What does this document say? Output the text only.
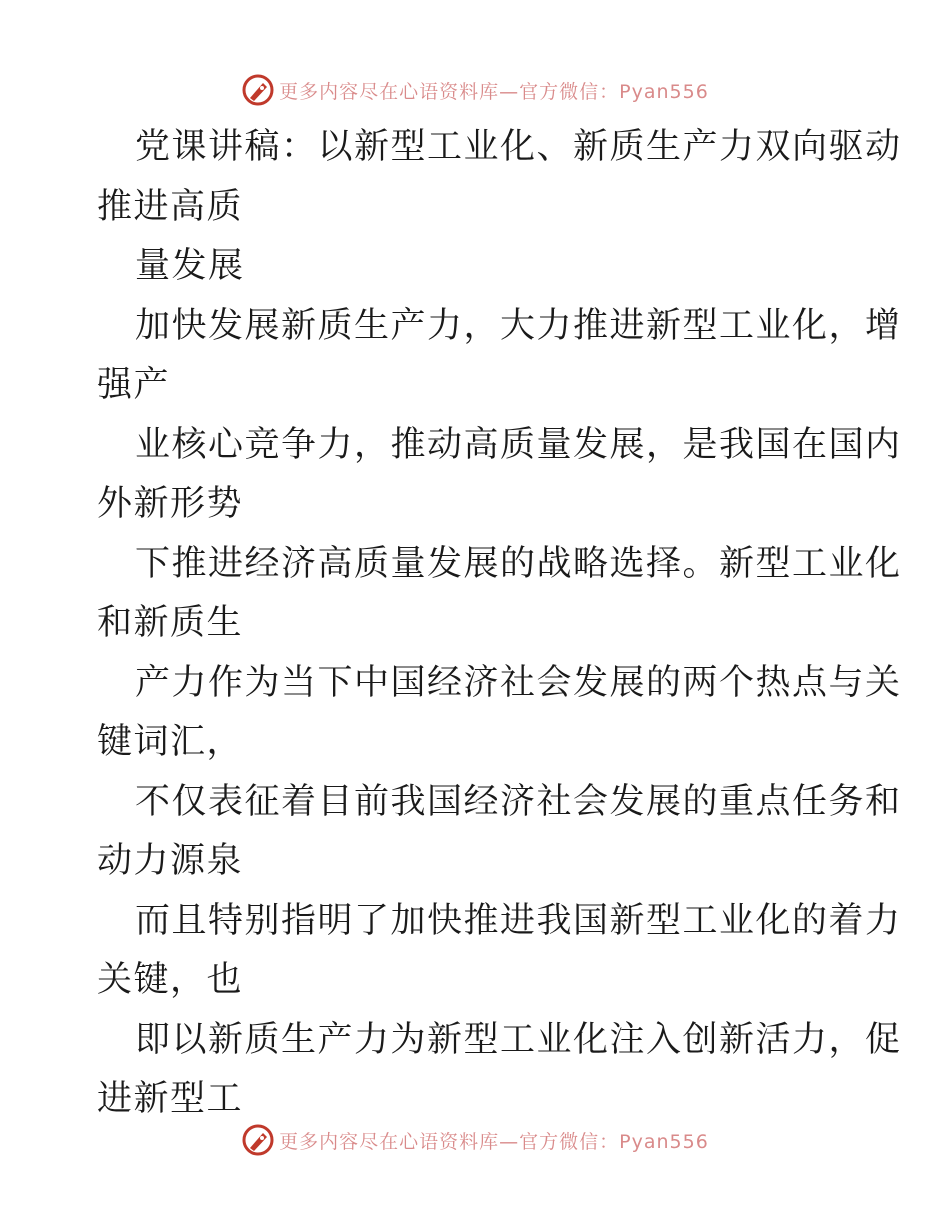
更多内容尽在心语资料库—官方微信：Pyan556
党课讲稿：以新型工业化、新质生产力双向驱动
推进高质
量发展
加快发展新质生产力，大力推进新型工业化，增
强产
业核心竞争力，推动高质量发展，是我国在国内
外新形势
下推进经济高质量发展的战略选择。新型工业化
和新质生
产力作为当下中国经济社会发展的两个热点与关
键词汇，
不仅表征着目前我国经济社会发展的重点任务和
动力源泉
而且特别指明了加快推进我国新型工业化的着力
关键，也
即以新质生产力为新型工业化注入创新活力，促
进新型工
更多内容尽在心语资料库—官方微信：Pyan556
